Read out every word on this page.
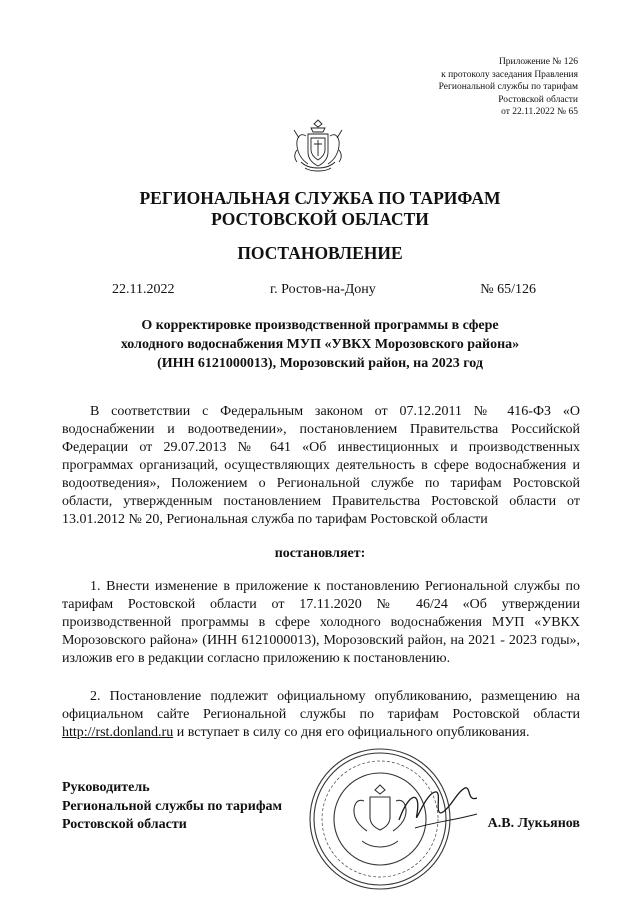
Приложение № 126
к протоколу заседания Правления
Региональной службы по тарифам
Ростовской области
от 22.11.2022 № 65
РЕГИОНАЛЬНАЯ СЛУЖБА ПО ТАРИФАМ
РОСТОВСКОЙ ОБЛАСТИ
ПОСТАНОВЛЕНИЕ
22.11.2022	г. Ростов-на-Дону	№ 65/126
О корректировке производственной программы в сфере
холодного водоснабжения МУП «УВКХ Морозовского района»
(ИНН 6121000013), Морозовский район, на 2023 год
В соответствии с Федеральным законом от 07.12.2011 № 416-ФЗ «О водоснабжении и водоотведении», постановлением Правительства Российской Федерации от 29.07.2013 № 641 «Об инвестиционных и производственных программах организаций, осуществляющих деятельность в сфере водоснабжения и водоотведения», Положением о Региональной службе по тарифам Ростовской области, утвержденным постановлением Правительства Ростовской области от 13.01.2012 № 20, Региональная служба по тарифам Ростовской области
постановляет:
1. Внести изменение в приложение к постановлению Региональной службы по тарифам Ростовской области от 17.11.2020 № 46/24 «Об утверждении производственной программы в сфере холодного водоснабжения МУП «УВКХ Морозовского района» (ИНН 6121000013), Морозовский район, на 2021 - 2023 годы», изложив его в редакции согласно приложению к постановлению.
2. Постановление подлежит официальному опубликованию, размещению на официальном сайте Региональной службы по тарифам Ростовской области http://rst.donland.ru и вступает в силу со дня его официального опубликования.
Руководитель
Региональной службы по тарифам
Ростовской области	А.В. Лукьянов
